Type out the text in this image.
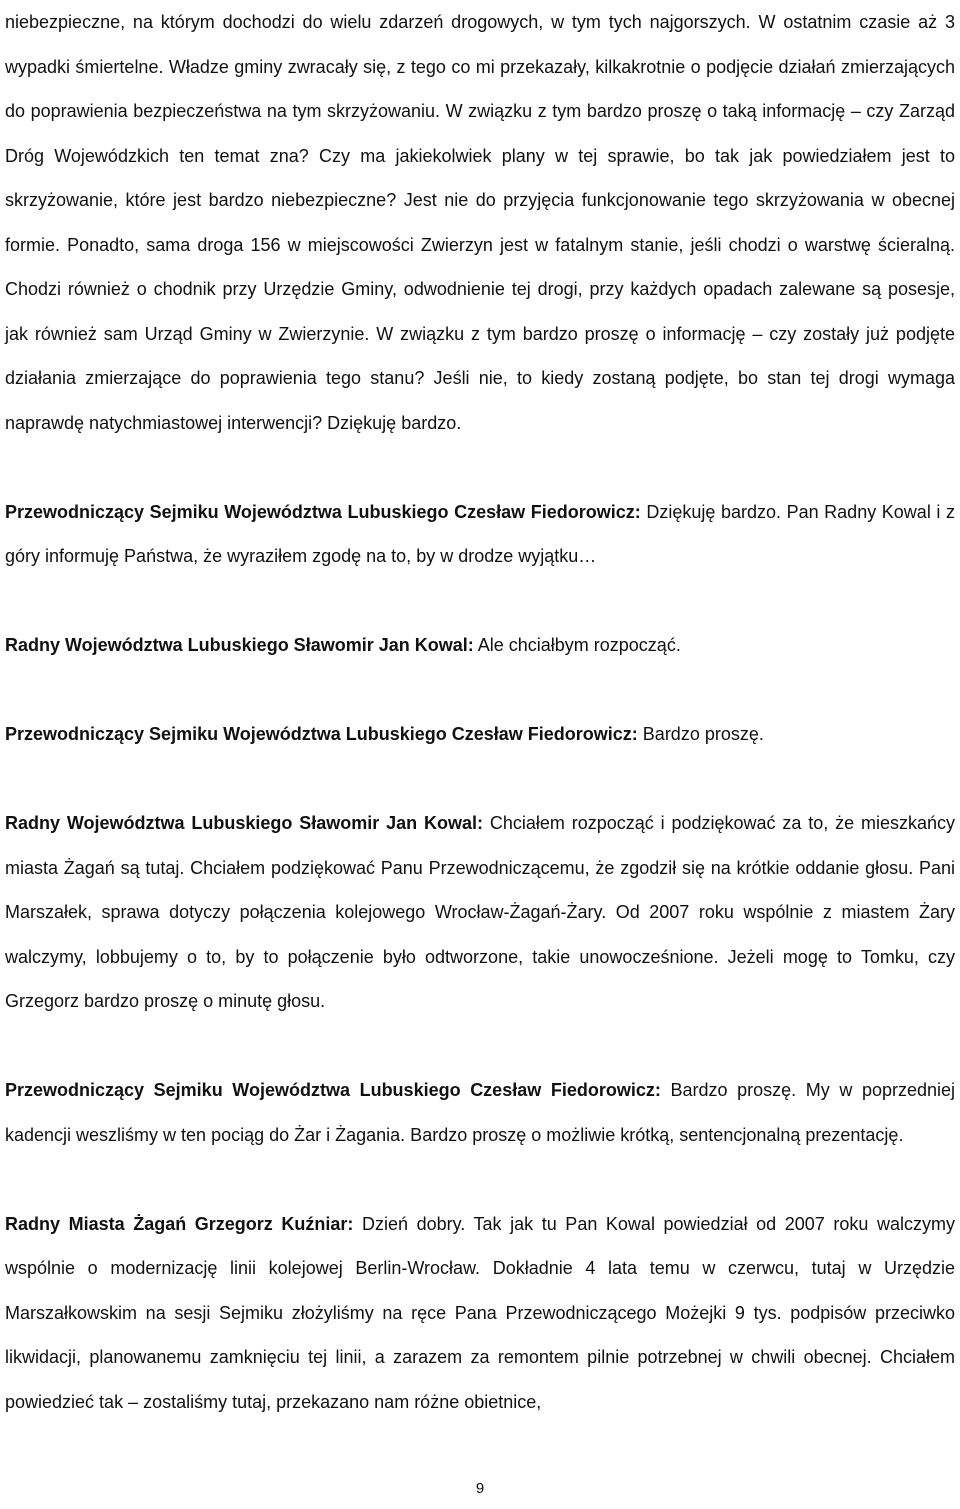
niebezpieczne, na którym dochodzi do wielu zdarzeń drogowych, w tym tych najgorszych. W ostatnim czasie aż 3 wypadki śmiertelne. Władze gminy zwracały się, z tego co mi przekazały, kilkakrotnie o podjęcie działań zmierzających do poprawienia bezpieczeństwa na tym skrzyżowaniu. W związku z tym bardzo proszę o taką informację – czy Zarząd Dróg Wojewódzkich ten temat zna? Czy ma jakiekolwiek plany w tej sprawie, bo tak jak powiedziałem jest to skrzyżowanie, które jest bardzo niebezpieczne? Jest nie do przyjęcia funkcjonowanie tego skrzyżowania w obecnej formie. Ponadto, sama droga 156 w miejscowości Zwierzyn jest w fatalnym stanie, jeśli chodzi o warstwę ścieralną. Chodzi również o chodnik przy Urzędzie Gminy, odwodnienie tej drogi, przy każdych opadach zalewane są posesje, jak również sam Urząd Gminy w Zwierzynie. W związku z tym bardzo proszę o informację – czy zostały już podjęte działania zmierzające do poprawienia tego stanu? Jeśli nie, to kiedy zostaną podjęte, bo stan tej drogi wymaga naprawdę natychmiastowej interwencji? Dziękuję bardzo.

Przewodniczący Sejmiku Województwa Lubuskiego Czesław Fiedorowicz: Dziękuję bardzo. Pan Radny Kowal i z góry informuję Państwa, że wyraziłem zgodę na to, by w drodze wyjątku…

Radny Województwa Lubuskiego Sławomir Jan Kowal: Ale chciałbym rozpocząć.

Przewodniczący Sejmiku Województwa Lubuskiego Czesław Fiedorowicz: Bardzo proszę.

Radny Województwa Lubuskiego Sławomir Jan Kowal: Chciałem rozpocząć i podziękować za to, że mieszkańcy miasta Żagań są tutaj. Chciałem podziękować Panu Przewodniczącemu, że zgodził się na krótkie oddanie głosu. Pani Marszałek, sprawa dotyczy połączenia kolejowego Wrocław-Żagań-Żary. Od 2007 roku wspólnie z miastem Żary walczymy, lobbujemy o to, by to połączenie było odtworzone, takie unowocześnione. Jeżeli mogę to Tomku, czy Grzegorz bardzo proszę o minutę głosu.

Przewodniczący Sejmiku Województwa Lubuskiego Czesław Fiedorowicz: Bardzo proszę. My w poprzedniej kadencji weszliśmy w ten pociąg do Żar i Żagania. Bardzo proszę o możliwie krótką, sentencjonalną prezentację.

Radny Miasta Żagań Grzegorz Kuźniar: Dzień dobry. Tak jak tu Pan Kowal powiedział od 2007 roku walczymy wspólnie o modernizację linii kolejowej Berlin-Wrocław. Dokładnie 4 lata temu w czerwcu, tutaj w Urzędzie Marszałkowskim na sesji Sejmiku złożyliśmy na ręce Pana Przewodniczącego Możejki 9 tys. podpisów przeciwko likwidacji, planowanemu zamknięciu tej linii, a zarazem za remontem pilnie potrzebnej w chwili obecnej. Chciałem powiedzieć tak – zostaliśmy tutaj, przekazano nam różne obietnice,

9
